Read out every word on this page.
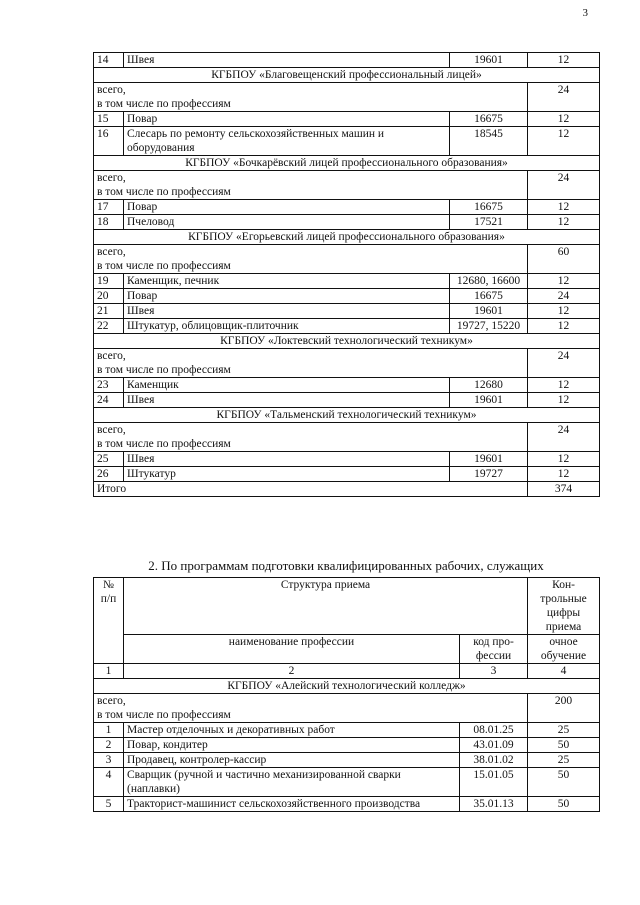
3
14	Швея	19601	12
КГБПОУ «Благовещенский профессиональный лицей»			

всего,
в том числе по профессиям			24
15	Повар	16675	12
16	Слесарь по ремонту сельскохозяйственных машин и оборудования	18545	12
КГБПОУ «Бочкарёвский лицей профессионального образования»			

всего,
в том числе по профессиям			24
17	Повар	16675	12
18	Пчеловод	17521	12
КГБПОУ «Егорьевский лицей профессионального образования»			

всего,
в том числе по профессиям			60
19	Каменщик, печник	12680, 16600	12
20	Повар	16675	24
21	Швея	19601	12
22	Штукатур, облицовщик-плиточник	19727, 15220	12
КГБПОУ «Локтевский технологический техникум»			

всего,
в том числе по профессиям			24
23	Каменщик	12680	12
24	Швея	19601	12
КГБПОУ «Тальменский технологический техникум»			

всего,
в том числе по профессиям			24
25	Швея	19601	12
26	Штукатур	19727	12
Итого			374
2. По программам подготовки квалифицированных рабочих, служащих
№ п/п	Структура приема		Кон-трольные цифры приема
	наименование профессии	код про-фессии	очное обучение
1	2	3	4
КГБПОУ «Алейский технологический колледж»			

всего,
в том числе по профессиям			200
1	Мастер отделочных и декоративных работ	08.01.25	25
2	Повар, кондитер	43.01.09	50
3	Продавец, контролер-кассир	38.01.02	25
4	Сварщик (ручной и частично механизированной сварки (наплавки)	15.01.05	50
5	Тракторист-машинист сельскохозяйственного производства	35.01.13	50
